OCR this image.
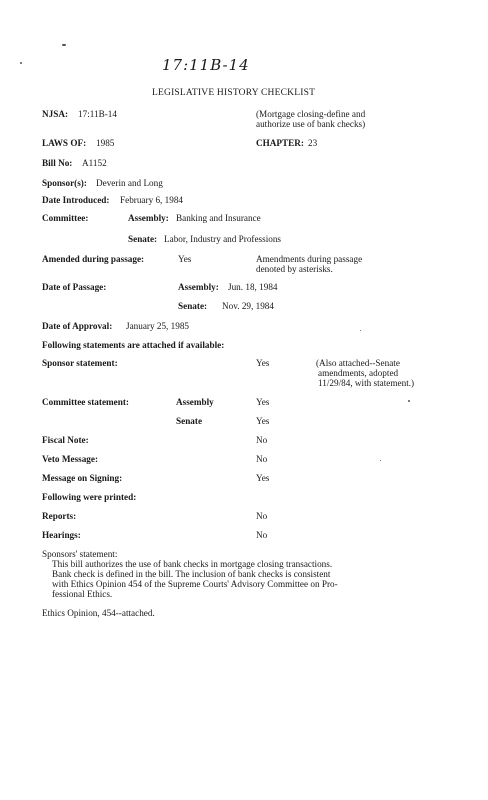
17:11B-14
LEGISLATIVE HISTORY CHECKLIST
NJSA: 17:11B-14	(Mortgage closing-define and
authorize use of bank checks)
LAWS OF: 1985	CHAPTER: 23
Bill No: A1152
Sponsor(s): Deverin and Long
Date Introduced: February 6, 1984
Committee:	Assembly: Banking and Insurance
Senate: Labor, Industry and Professions
Amended during passage:	Yes	Amendments during passage
denoted by asterisks.
Date of Passage:	Assembly: Jun. 18, 1984
Senate: Nov. 29, 1984
Date of Approval: January 25, 1985
Following statements are attached if available:
Sponsor statement:	Yes	(Also attached--Senate
amendments, adopted
11/29/84, with statement.)
Committee statement:	Assembly	Yes
Senate	Yes
Fiscal Note:	No
Veto Message:	No
Message on Signing:	Yes
Following were printed:
Reports:	No
Hearings:	No
Sponsors' statement:
This bill authorizes the use of bank checks in mortgage closing transactions.
Bank check is defined in the bill. The inclusion of bank checks is consistent
with Ethics Opinion 454 of the Supreme Courts' Advisory Committee on Pro-
fessional Ethics.
Ethics Opinion, 454--attached.
